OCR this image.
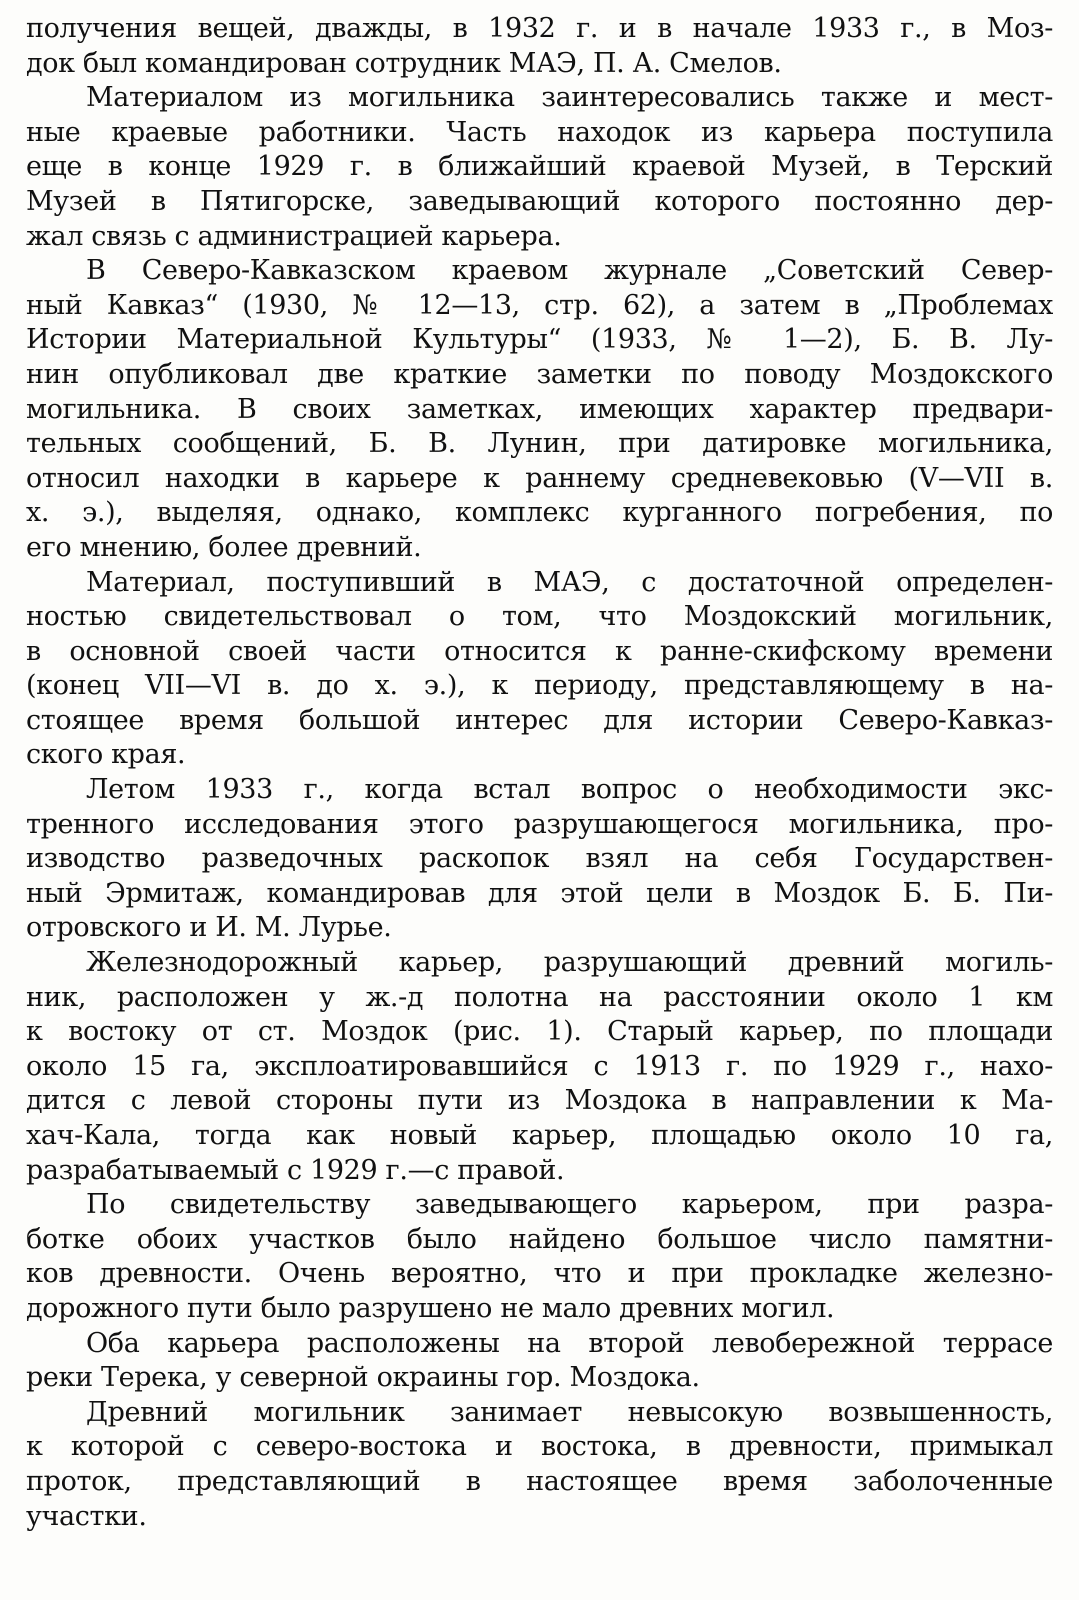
получения вещей, дважды, в 1932 г. и в начале 1933 г., в Моз-
док был командирован сотрудник МАЭ, П. А. Смелов.
Материалом из могильника заинтересовались также и мест-
ные краевые работники. Часть находок из карьера поступила
еще в конце 1929 г. в ближайший краевой Музей, в Терский
Музей в Пятигорске, заведывающий которого постоянно дер-
жал связь с администрацией карьера.
В Северо-Кавказском краевом журнале „Советский Север-
ный Кавказ“ (1930, № 12—13, стр. 62), а затем в „Проблемах
Истории Материальной Культуры“ (1933, № 1—2), Б. В. Лу-
нин опубликовал две краткие заметки по поводу Моздокского
могильника. В своих заметках, имеющих характер предвари-
тельных сообщений, Б. В. Лунин, при датировке могильника,
относил находки в карьере к раннему средневековью (V—VII в.
х. э.), выделяя, однако, комплекс курганного погребения, по
его мнению, более древний.
Материал, поступивший в МАЭ, с достаточной определен-
ностью свидетельствовал о том, что Моздокский могильник,
в основной своей части относится к ранне-скифскому времени
(конец VII—VI в. до х. э.), к периоду, представляющему в на-
стоящее время большой интерес для истории Северо-Кавказ-
ского края.
Летом 1933 г., когда встал вопрос о необходимости экс-
тренного исследования этого разрушающегося могильника, про-
изводство разведочных раскопок взял на себя Государствен-
ный Эрмитаж, командировав для этой цели в Моздок Б. Б. Пи-
отровского и И. М. Лурье.
Железнодорожный карьер, разрушающий древний могиль-
ник, расположен у ж.-д полотна на расстоянии около 1 км
к востоку от ст. Моздок (рис. 1). Старый карьер, по площади
около 15 га, эксплоатировавшийся с 1913 г. по 1929 г., нахо-
дится с левой стороны пути из Моздока в направлении к Ма-
хач-Кала, тогда как новый карьер, площадью около 10 га,
разрабатываемый с 1929 г.—с правой.
По свидетельству заведывающего карьером, при разра-
ботке обоих участков было найдено большое число памятни-
ков древности. Очень вероятно, что и при прокладке железно-
дорожного пути было разрушено не мало древних могил.
Оба карьера расположены на второй левобережной террасе
реки Терека, у северной окраины гор. Моздока.
Древний могильник занимает невысокую возвышенность,
к которой с северо-востока и востока, в древности, примыкал
проток, представляющий в настоящее время заболоченные
участки.
